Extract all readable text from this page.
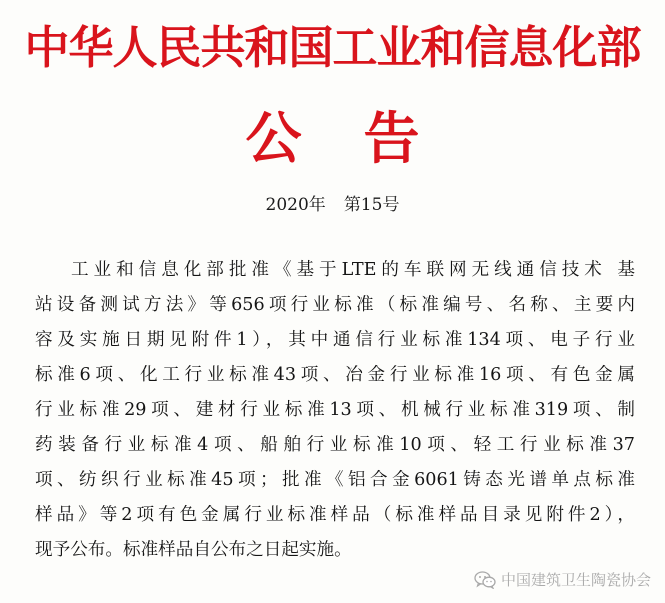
中华人民共和国工业和信息化部
公告
2020年 第15号
工业和信息化部批准《基于LTE的车联网无线通信技术 基
站设备测试方法》等656项行业标准（标准编号、名称、主要内
容及实施日期见附件1），其中通信行业标准134项、电子行业
标准6项、化工行业标准43项、冶金行业标准16项、有色金属
行业标准29项、建材行业标准13项、机械行业标准319项、制
药装备行业标准4项、船舶行业标准10项、轻工行业标准37
项、纺织行业标准45项；批准《铝合金6061铸态光谱单点标准
样品》等2项有色金属行业标准样品（标准样品目录见附件2），
现予公布。标准样品自公布之日起实施。
中国建筑卫生陶瓷协会
